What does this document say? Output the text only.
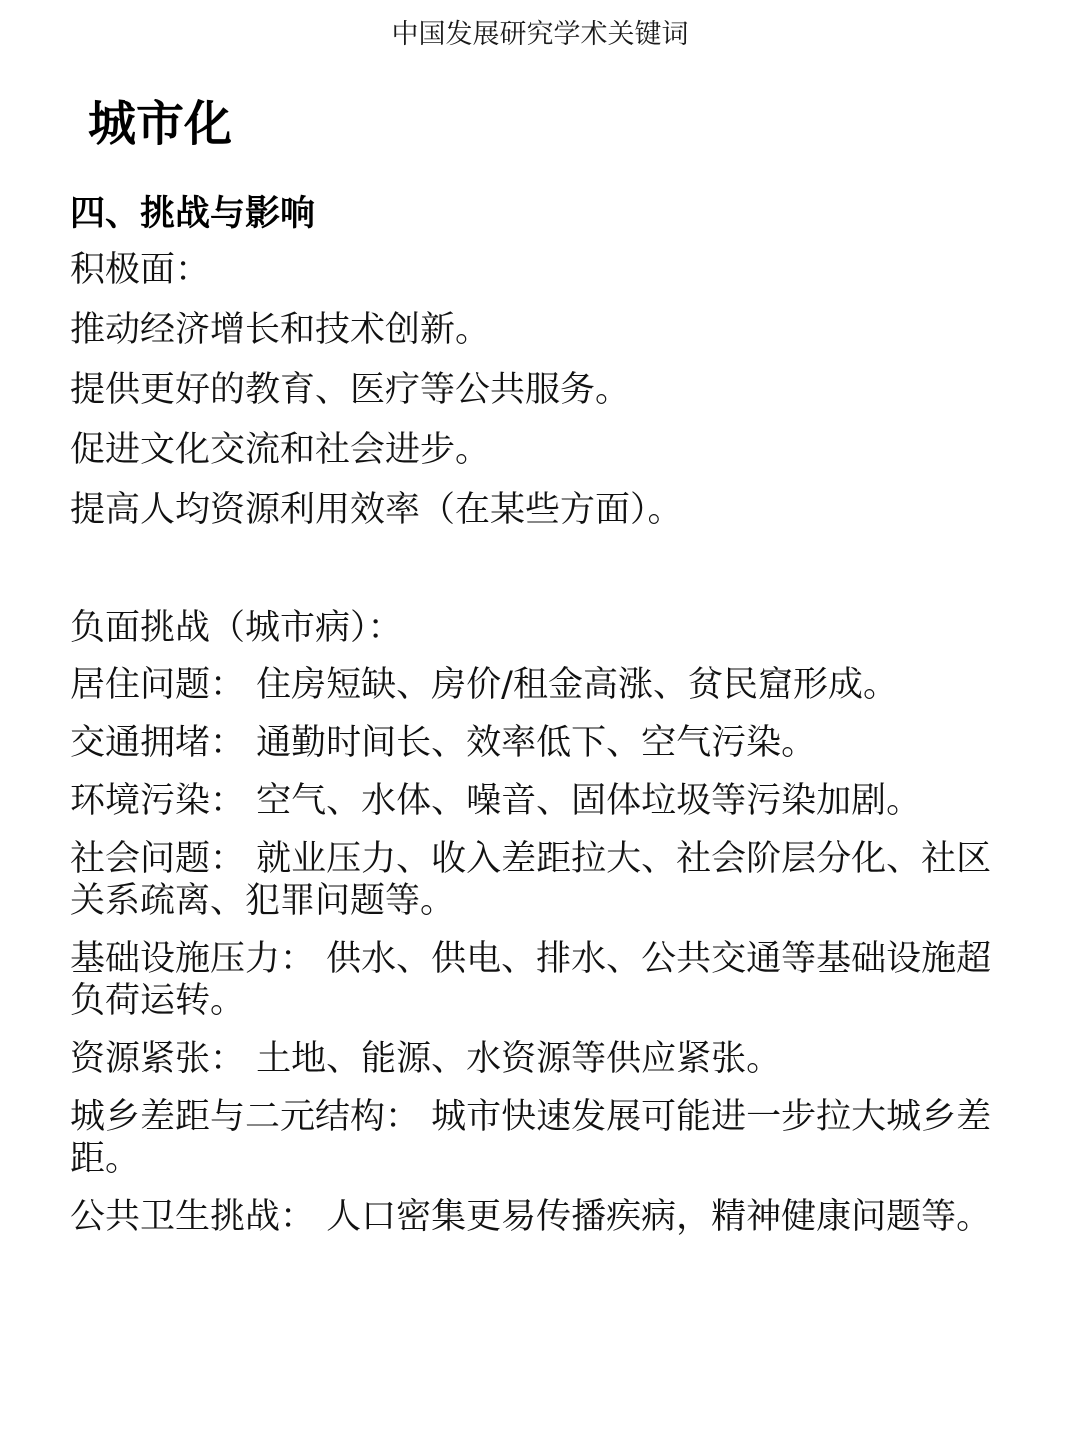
中国发展研究学术关键词
城市化
四、挑战与影响
积极面：
推动经济增长和技术创新。
提供更好的教育、医疗等公共服务。
促进文化交流和社会进步。
提高人均资源利用效率（在某些方面）。
负面挑战（城市病）：
居住问题： 住房短缺、房价/租金高涨、贫民窟形成。
交通拥堵： 通勤时间长、效率低下、空气污染。
环境污染： 空气、水体、噪音、固体垃圾等污染加剧。
社会问题： 就业压力、收入差距拉大、社会阶层分化、社区关系疏离、犯罪问题等。
基础设施压力： 供水、供电、排水、公共交通等基础设施超负荷运转。
资源紧张： 土地、能源、水资源等供应紧张。
城乡差距与二元结构： 城市快速发展可能进一步拉大城乡差距。
公共卫生挑战： 人口密集更易传播疾病，精神健康问题等。
